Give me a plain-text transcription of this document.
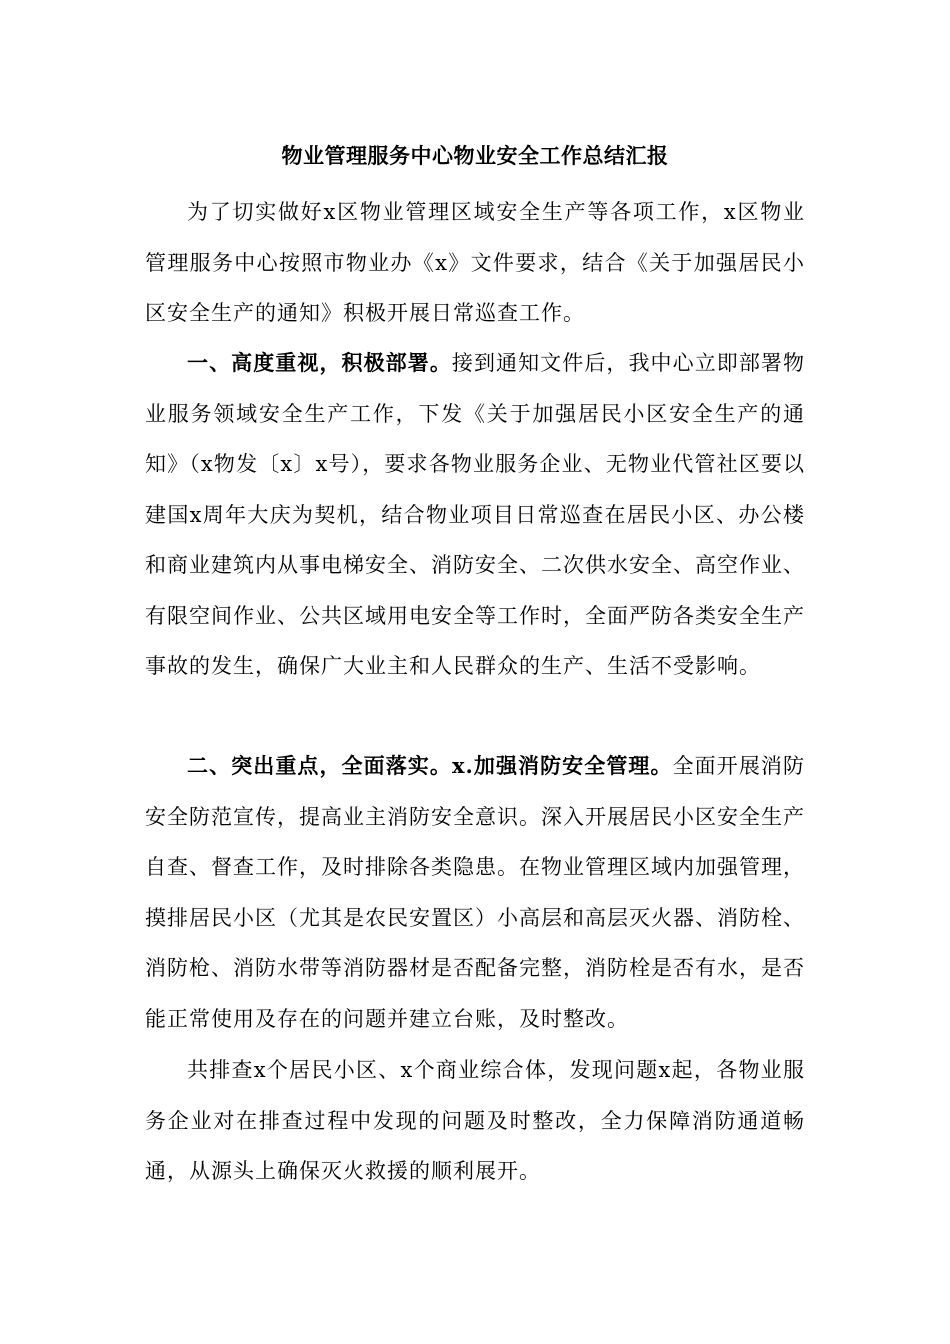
物业管理服务中心物业安全工作总结汇报

为了切实做好x区物业管理区域安全生产等各项工作，x区物业管理服务中心按照市物业办《x》文件要求，结合《关于加强居民小区安全生产的通知》积极开展日常巡查工作。

一、高度重视，积极部署。接到通知文件后，我中心立即部署物业服务领域安全生产工作，下发《关于加强居民小区安全生产的通知》（x物发〔x〕x号），要求各物业服务企业、无物业代管社区要以建国x周年大庆为契机，结合物业项目日常巡查在居民小区、办公楼和商业建筑内从事电梯安全、消防安全、二次供水安全、高空作业、有限空间作业、公共区域用电安全等工作时，全面严防各类安全生产事故的发生，确保广大业主和人民群众的生产、生活不受影响。

二、突出重点，全面落实。x.加强消防安全管理。全面开展消防安全防范宣传，提高业主消防安全意识。深入开展居民小区安全生产自查、督查工作，及时排除各类隐患。在物业管理区域内加强管理，摸排居民小区（尤其是农民安置区）小高层和高层灭火器、消防栓、消防枪、消防水带等消防器材是否配备完整，消防栓是否有水，是否能正常使用及存在的问题并建立台账，及时整改。

共排查x个居民小区、x个商业综合体，发现问题x起，各物业服务企业对在排查过程中发现的问题及时整改，全力保障消防通道畅通，从源头上确保灭火救援的顺利展开。
